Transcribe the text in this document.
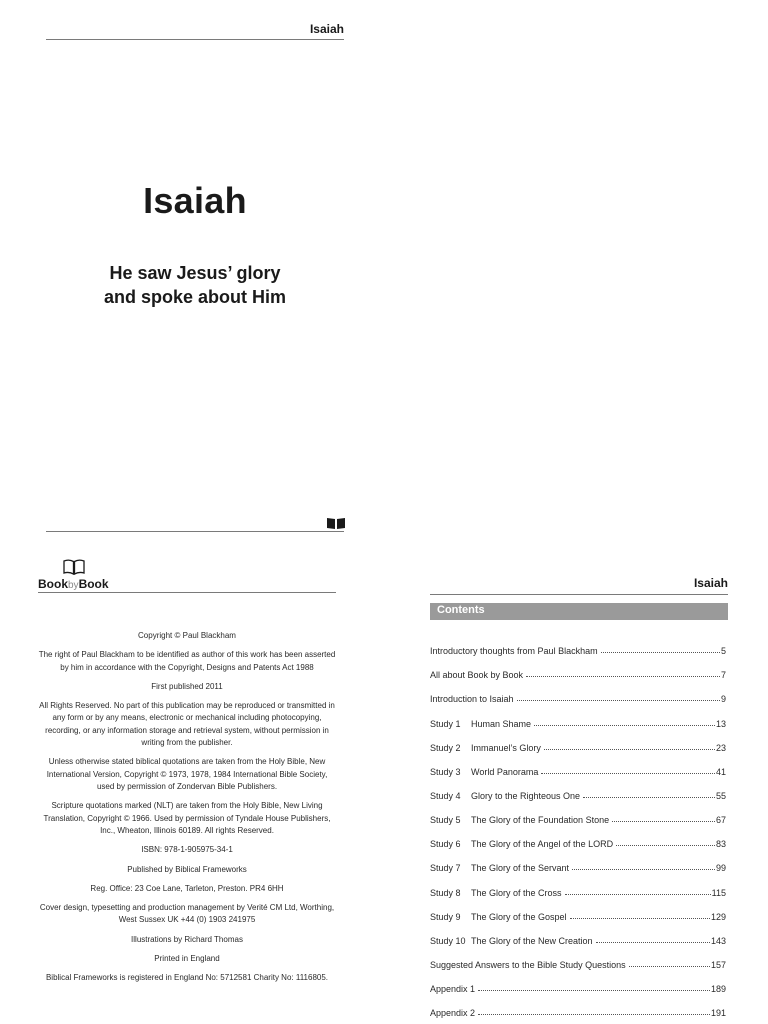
Isaiah
Isaiah
He saw Jesus’ glory
and spoke about Him
BookbyBook

Copyright © Paul Blackham

The right of Paul Blackham to be identified as author of this work has been asserted by him in accordance with the Copyright, Designs and Patents Act 1988

First published 2011

All Rights Reserved. No part of this publication may be reproduced or transmitted in any form or by any means, electronic or mechanical including photocopying, recording, or any information storage and retrieval system, without permission in writing from the publisher.

Unless otherwise stated biblical quotations are taken from the Holy Bible, New International Version, Copyright © 1973, 1978, 1984 International Bible Society, used by permission of Zondervan Bible Publishers.

Scripture quotations marked (NLT) are taken from the Holy Bible, New Living Translation, Copyright © 1966. Used by permission of Tyndale House Publishers, Inc., Wheaton, Illinois 60189. All rights Reserved.

ISBN: 978-1-905975-34-1

Published by Biblical Frameworks

Reg. Office: 23 Coe Lane, Tarleton, Preston. PR4 6HH

Cover design, typesetting and production management by Verité CM Ltd, Worthing, West Sussex UK +44 (0) 1903 241975

Illustrations by Richard Thomas

Printed in England

Biblical Frameworks is registered in England No: 5712581 Charity No: 1116805.

Isaiah
Contents
Introductory thoughts from Paul Blackham	5
All about Book by Book	7
Introduction to Isaiah	9
Study 1	Human Shame	13
Study 2	Immanuel’s Glory	23
Study 3	World Panorama	41
Study 4	Glory to the Righteous One	55
Study 5	The Glory of the Foundation Stone	67
Study 6	The Glory of the Angel of the LORD	83
Study 7	The Glory of the Servant	99
Study 8	The Glory of the Cross	115
Study 9	The Glory of the Gospel	129
Study 10 The Glory of the New Creation	143
Suggested Answers to the Bible Study Questions	157
Appendix 1	189
Appendix 2	191
